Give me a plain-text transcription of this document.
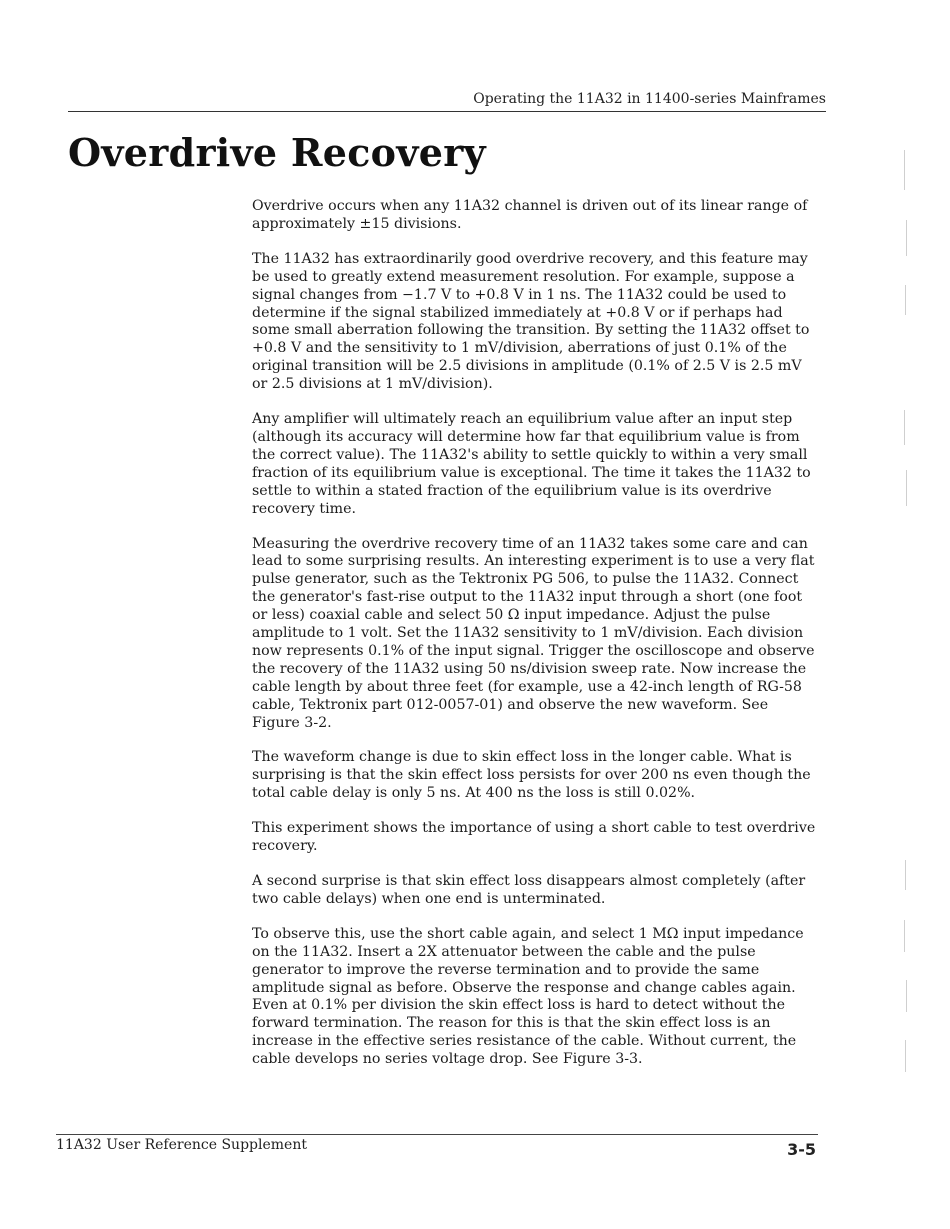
Operating the 11A32 in 11400-series Mainframes
Overdrive Recovery

Overdrive occurs when any 11A32 channel is driven out of its linear range of approximately ±15 divisions.

The 11A32 has extraordinarily good overdrive recovery, and this feature may be used to greatly extend measurement resolution. For example, suppose a signal changes from −1.7 V to +0.8 V in 1 ns. The 11A32 could be used to determine if the signal stabilized immediately at +0.8 V or if perhaps had some small aberration following the transition. By setting the 11A32 offset to +0.8 V and the sensitivity to 1 mV/division, aberrations of just 0.1% of the original transition will be 2.5 divisions in amplitude (0.1% of 2.5 V is 2.5 mV or 2.5 divisions at 1 mV/division).

Any amplifier will ultimately reach an equilibrium value after an input step (although its accuracy will determine how far that equilibrium value is from the correct value). The 11A32's ability to settle quickly to within a very small fraction of its equilibrium value is exceptional. The time it takes the 11A32 to settle to within a stated fraction of the equilibrium value is its overdrive recovery time.

Measuring the overdrive recovery time of an 11A32 takes some care and can lead to some surprising results. An interesting experiment is to use a very flat pulse generator, such as the Tektronix PG 506, to pulse the 11A32. Connect the generator's fast-rise output to the 11A32 input through a short (one foot or less) coaxial cable and select 50 Ω input impedance. Adjust the pulse amplitude to 1 volt. Set the 11A32 sensitivity to 1 mV/division. Each division now represents 0.1% of the input signal. Trigger the oscilloscope and observe the recovery of the 11A32 using 50 ns/division sweep rate. Now increase the cable length by about three feet (for example, use a 42-inch length of RG-58 cable, Tektronix part 012-0057-01) and observe the new waveform. See Figure 3-2.

The waveform change is due to skin effect loss in the longer cable. What is surprising is that the skin effect loss persists for over 200 ns even though the total cable delay is only 5 ns. At 400 ns the loss is still 0.02%.

This experiment shows the importance of using a short cable to test overdrive recovery.

A second surprise is that skin effect loss disappears almost completely (after two cable delays) when one end is unterminated.

To observe this, use the short cable again, and select 1 MΩ input impedance on the 11A32. Insert a 2X attenuator between the cable and the pulse generator to improve the reverse termination and to provide the same amplitude signal as before. Observe the response and change cables again. Even at 0.1% per division the skin effect loss is hard to detect without the forward termination. The reason for this is that the skin effect loss is an increase in the effective series resistance of the cable. Without current, the cable develops no series voltage drop. See Figure 3-3.

11A32 User Reference Supplement	3-5
